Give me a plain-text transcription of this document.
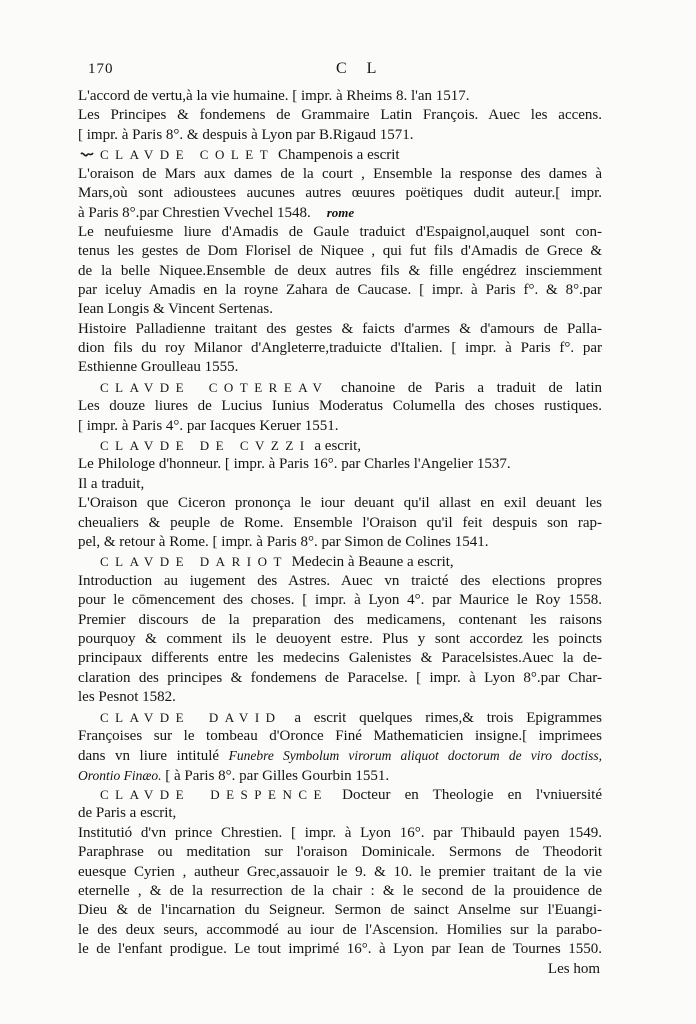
170	C L
L'accord de vertu,à la vie humaine. [ impr. à Rheims 8. l'an 1517.
Les Principes & fondemens de Grammaire Latin François. Auec les accens.
[ impr. à Paris 8°. & despuis à Lyon par B.Rigaud 1571.
CLAVDE COLET Champenois a escrit
L'oraison de Mars aux dames de la court , Ensemble la response des dames à
Mars,où sont adioustees aucunes autres œuures poëtiques dudit auteur.[ impr.
à Paris 8°.par Chrestien Vvechel 1548. rome
Le neufuiesme liure d'Amadis de Gaule traduict d'Espaignol,auquel sont con-
tenus les gestes de Dom Florisel de Niquee , qui fut fils d'Amadis de Grece &
de la belle Niquee.Ensemble de deux autres fils & fille engédrez insciemment
par iceluy Amadis en la royne Zahara de Caucase. [ impr. à Paris f°. & 8°.par
Iean Longis & Vincent Sertenas.
Histoire Palladienne traitant des gestes & faicts d'armes & d'amours de Palla-
dion fils du roy Milanor d'Angleterre,traduicte d'Italien. [ impr. à Paris f°. par
Esthienne Groulleau 1555.
CLAVDE COTEREAV chanoine de Paris a traduit de latin
Les douze liures de Lucius Iunius Moderatus Columella des choses rustiques.
[ impr. à Paris 4°. par Iacques Keruer 1551.
CLAVDE DE CVZZI a escrit,
Le Philologe d'honneur. [ impr. à Paris 16°. par Charles l'Angelier 1537.
Il a traduit,
L'Oraison que Ciceron prononça le iour deuant qu'il allast en exil deuant les
cheualiers & peuple de Rome. Ensemble l'Oraison qu'il feit despuis son rap-
pel, & retour à Rome. [ impr. à Paris 8°. par Simon de Colines 1541.
CLAVDE DARIOT Medecin à Beaune a escrit,
Introduction au iugement des Astres. Auec vn traicté des elections propres
pour le cōmencement des choses. [ impr. à Lyon 4°. par Maurice le Roy 1558.
Premier discours de la preparation des medicamens, contenant les raisons
pourquoy & comment ils le deuoyent estre. Plus y sont accordez les poincts
principaux differents entre les medecins Galenistes & Paracelsistes.Auec la de-
claration des principes & fondemens de Paracelse. [ impr. à Lyon 8°.par Char-
les Pesnot 1582.
CLAVDE DAVID a escrit quelques rimes,& trois Epigrammes
Françoises sur le tombeau d'Oronce Finé Mathematicien insigne.[ imprimees
dans vn liure intitulé Funebre Symbolum virorum aliquot doctorum de viro doctiss,
Orontio Finæo. [ à Paris 8°. par Gilles Gourbin 1551.
CLAVDE DESPENCE Docteur en Theologie en l'vniuersité
de Paris a escrit,
Institutió d'vn prince Chrestien. [ impr. à Lyon 16°. par Thibauld payen 1549.
Paraphrase ou meditation sur l'oraison Dominicale. Sermons de Theodorit
euesque Cyrien , autheur Grec,assauoir le 9. & 10. le premier traitant de la vie
eternelle , & de la resurrection de la chair : & le second de la prouidence de
Dieu & de l'incarnation du Seigneur. Sermon de sainct Anselme sur l'Euangi-
le des deux seurs, accommodé au iour de l'Ascension. Homilies sur la parabo-
le de l'enfant prodigue. Le tout imprimé 16°. à Lyon par Iean de Tournes 1550.
Les hom
